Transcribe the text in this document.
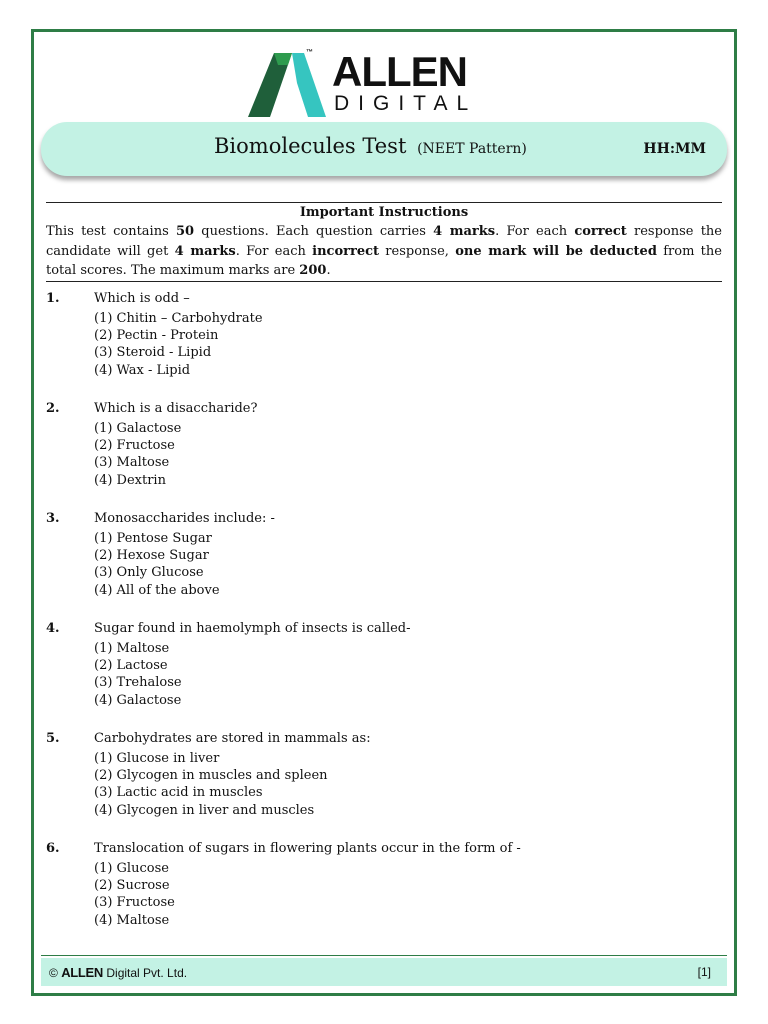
™ ALLEN
DIGITAL
Biomolecules Test (NEET Pattern)	HH:MM
Important Instructions
This test contains 50 questions. Each question carries 4 marks. For each correct response the candidate will get 4 marks. For each incorrect response, one mark will be deducted from the total scores. The maximum marks are 200.
1.	Which is odd –
(1) Chitin – Carbohydrate
(2) Pectin - Protein
(3) Steroid - Lipid
(4) Wax - Lipid
2.	Which is a disaccharide?
(1) Galactose
(2) Fructose
(3) Maltose
(4) Dextrin
3.	Monosaccharides include: -
(1) Pentose Sugar
(2) Hexose Sugar
(3) Only Glucose
(4) All of the above
4.	Sugar found in haemolymph of insects is called-
(1) Maltose
(2) Lactose
(3) Trehalose
(4) Galactose
5.	Carbohydrates are stored in mammals as:
(1) Glucose in liver
(2) Glycogen in muscles and spleen
(3) Lactic acid in muscles
(4) Glycogen in liver and muscles
6.	Translocation of sugars in flowering plants occur in the form of -
(1) Glucose
(2) Sucrose
(3) Fructose
(4) Maltose
© ALLEN Digital Pvt. Ltd.	[1]
